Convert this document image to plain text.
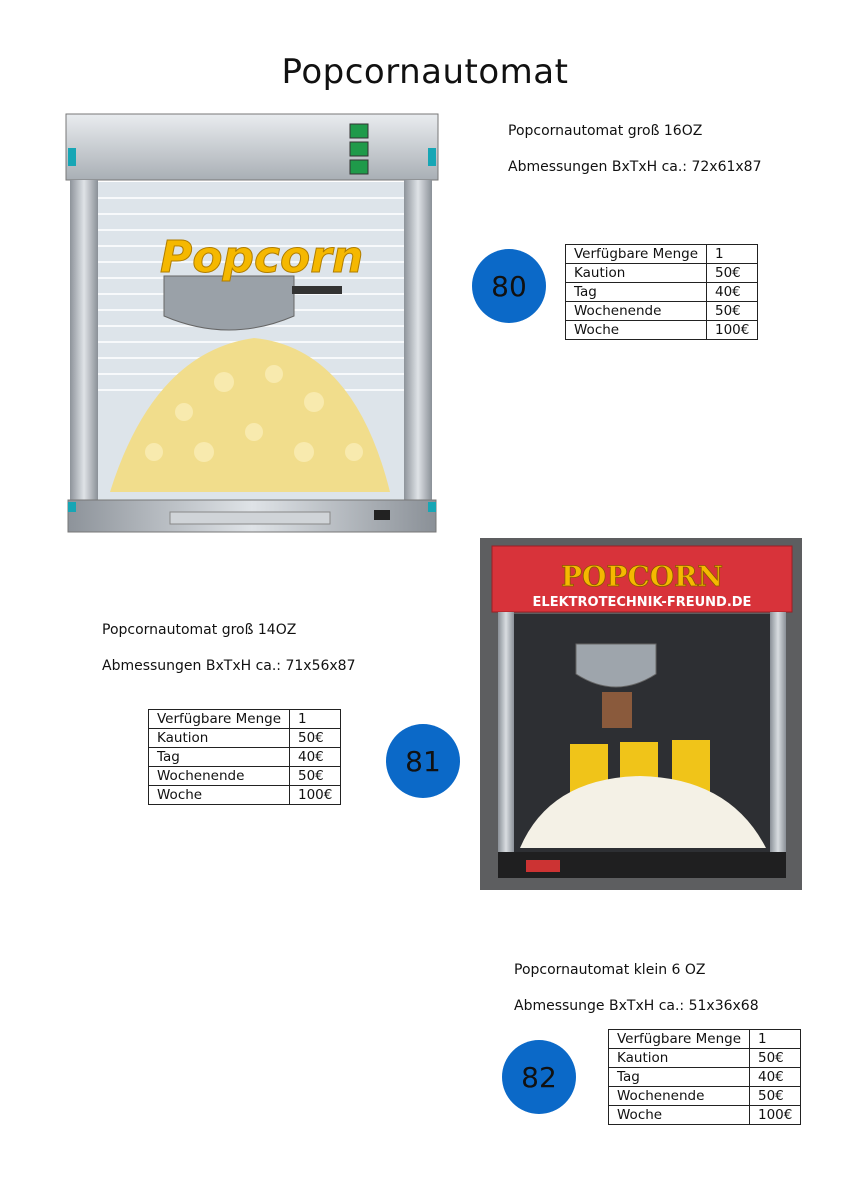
Popcornautomat
Popcorn

Popcornautomat groß 16OZ

Abmessungen BxTxH ca.: 72x61x87

80
Verfügbare Menge	1
Kaution	50€
Tag	40€
Wochenende	50€
Woche	100€

Popcornautomat groß 14OZ

Abmessungen BxTxH ca.: 71x56x87

Verfügbare Menge	1
Kaution	50€
Tag	40€
Wochenende	50€
Woche	100€
81
POPCORN
ELEKTROTECHNIK-FREUND.DE

Popcornautomat klein 6 OZ

Abmessunge BxTxH ca.: 51x36x68

82
Verfügbare Menge	1
Kaution	50€
Tag	40€
Wochenende	50€
Woche	100€
